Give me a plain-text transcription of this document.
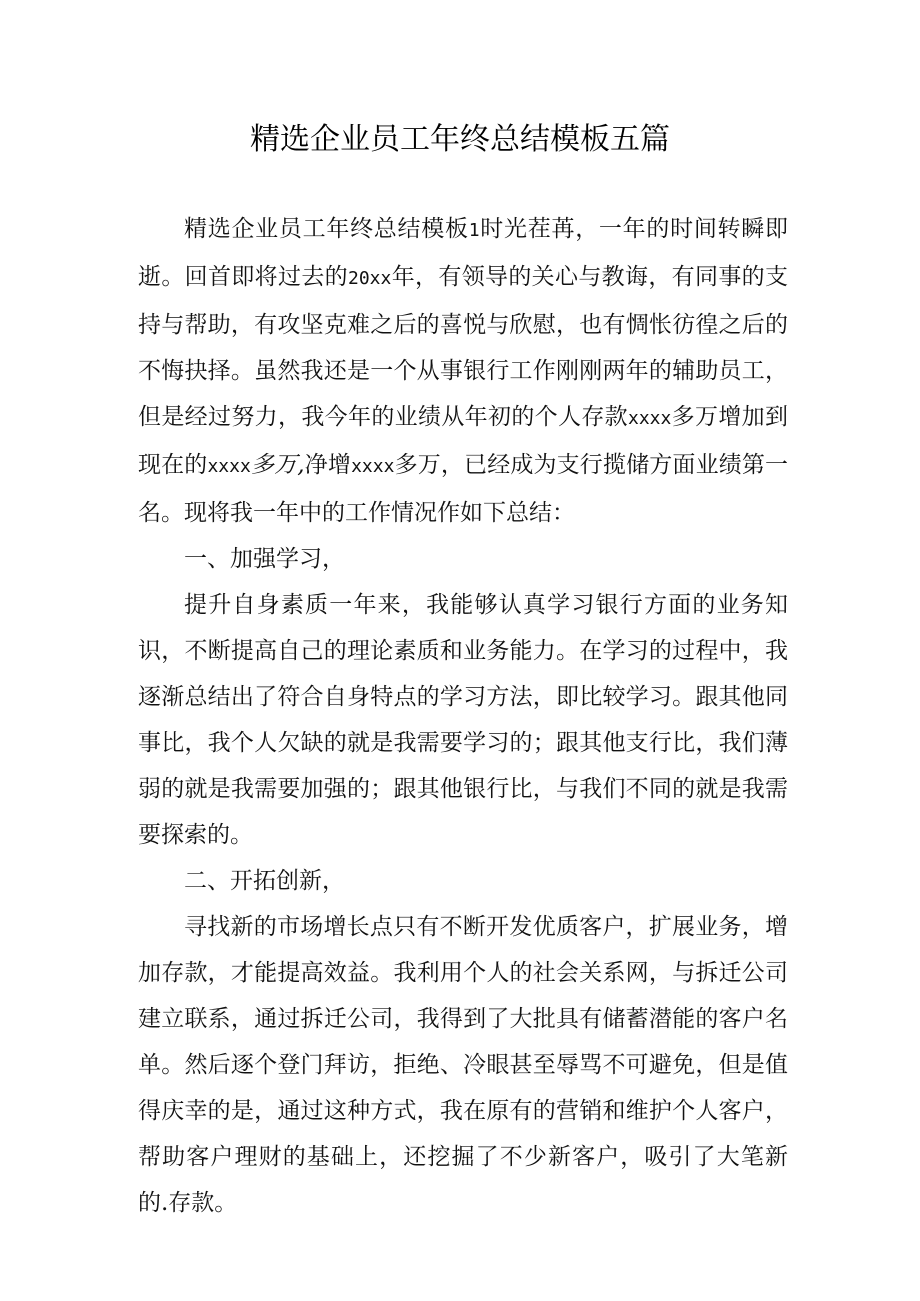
精选企业员工年终总结模板五篇

精选企业员工年终总结模板1时光茬苒，一年的时间转瞬即逝。回首即将过去的20xx年，有领导的关心与教诲，有同事的支持与帮助，有攻坚克难之后的喜悦与欣慰，也有惆怅彷徨之后的不悔抉择。虽然我还是一个从事银行工作刚刚两年的辅助员工，但是经过努力，我今年的业绩从年初的个人存款xxxx多万增加到现在的xxxx多万,净增xxxx多万，已经成为支行揽储方面业绩第一名。现将我一年中的工作情况作如下总结：

一、加强学习，

提升自身素质一年来，我能够认真学习银行方面的业务知识，不断提高自己的理论素质和业务能力。在学习的过程中，我逐渐总结出了符合自身特点的学习方法，即比较学习。跟其他同事比，我个人欠缺的就是我需要学习的；跟其他支行比，我们薄弱的就是我需要加强的；跟其他银行比，与我们不同的就是我需要探索的。

二、开拓创新，

寻找新的市场增长点只有不断开发优质客户，扩展业务，增加存款，才能提高效益。我利用个人的社会关系网，与拆迁公司建立联系，通过拆迁公司，我得到了大批具有储蓄潜能的客户名单。然后逐个登门拜访，拒绝、冷眼甚至辱骂不可避免，但是值得庆幸的是，通过这种方式，我在原有的营销和维护个人客户，帮助客户理财的基础上，还挖掘了不少新客户，吸引了大笔新的.存款。
